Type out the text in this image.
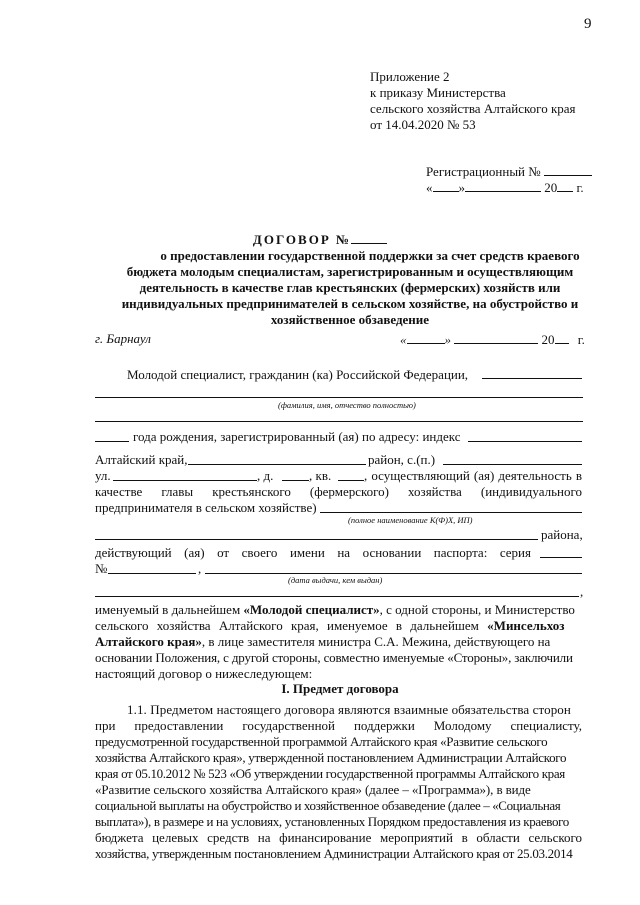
9
Приложение 2
к приказу Министерства
сельского хозяйства Алтайского края
от 14.04.2020 № 53
Регистрационный №
« »	20 г.
ДОГОВОР №
о предоставлении государственной поддержки за счет средств краевого
бюджета молодым специалистам, зарегистрированным и осуществляющим
деятельность в качестве глав крестьянских (фермерских) хозяйств или
индивидуальных предпринимателей в сельском хозяйстве, на обустройство и
хозяйственное обзаведение
г. Барнаул	«	»	20 г.
Молодой специалист, гражданин (ка) Российской Федерации,
(фамилия, имя, отчество полностью)
года рождения, зарегистрированный (ая) по адресу: индекс
Алтайский край,	район, с.(п.)
ул.	, д.	, кв.	, осуществляющий (ая) деятельность в
качестве главы крестьянского (фермерского) хозяйства (индивидуального
предпринимателя в сельском хозяйстве)
(полное наименование К(Ф)Х, ИП)
района,
действующий (ая) от своего имени на основании паспорта: серия
№	,
(дата выдачи, кем выдан)
,
именуемый в дальнейшем «Молодой специалист», с одной стороны, и Министерство
сельского хозяйства Алтайского края, именуемое в дальнейшем «Минсельхоз
Алтайского края», в лице заместителя министра С.А. Межина, действующего на
основании Положения, с другой стороны, совместно именуемые «Стороны», заключили
настоящий договор о нижеследующем:
I. Предмет договора
1.1. Предметом настоящего договора являются взаимные обязательства сторон
при предоставлении государственной поддержки Молодому специалисту,
предусмотренной государственной программой Алтайского края «Развитие сельского
хозяйства Алтайского края», утвержденной постановлением Администрации Алтайского
края от 05.10.2012 № 523 «Об утверждении государственной программы Алтайского края
«Развитие сельского хозяйства Алтайского края» (далее – «Программа»), в виде
социальной выплаты на обустройство и хозяйственное обзаведение (далее – «Социальная
выплата»), в размере и на условиях, установленных Порядком предоставления из краевого
бюджета целевых средств на финансирование мероприятий в области сельского
хозяйства, утвержденным постановлением Администрации Алтайского края от 25.03.2014
